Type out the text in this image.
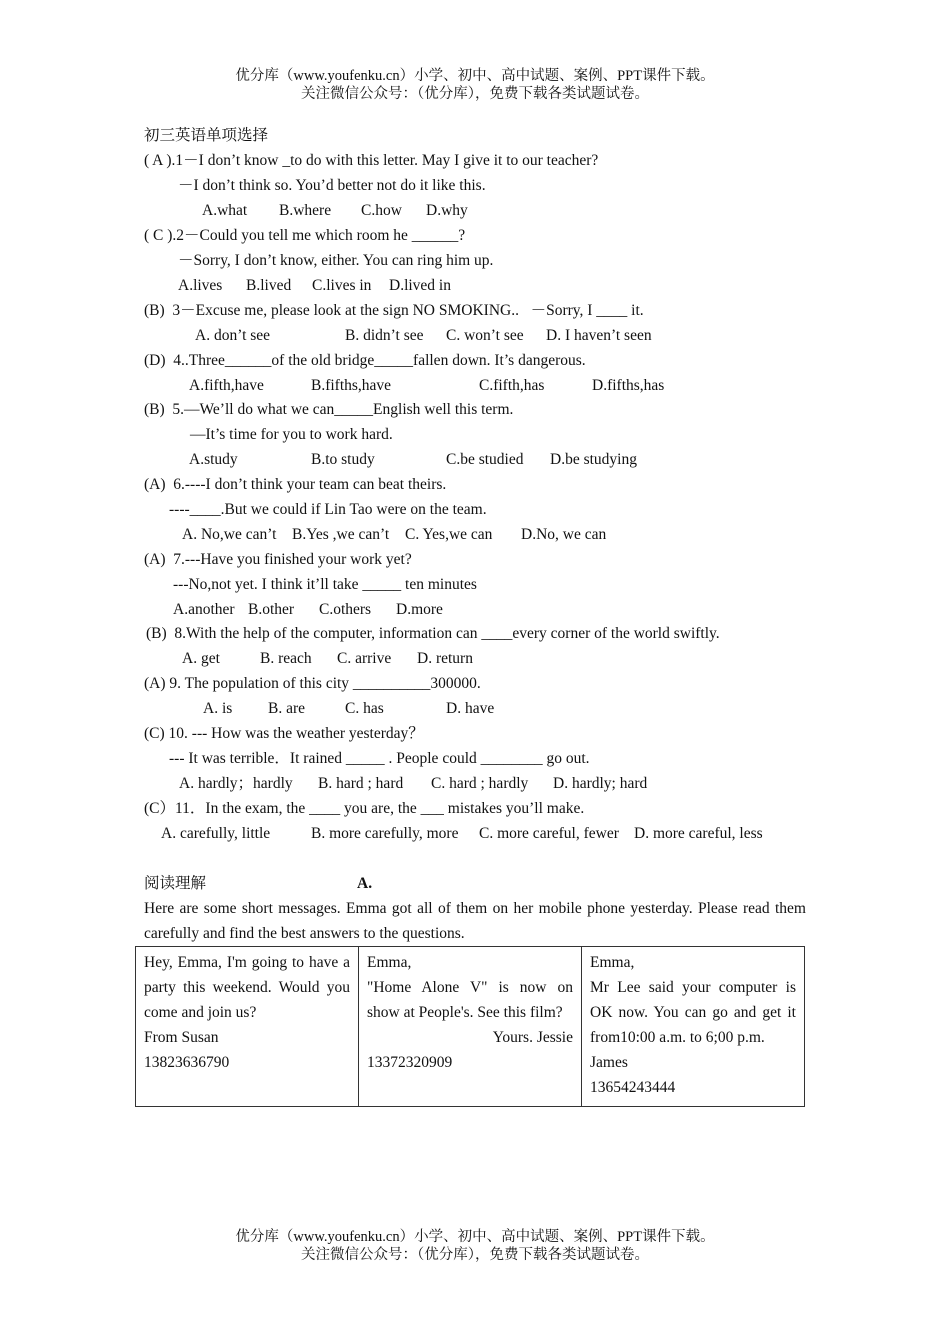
优分库（www.youfenku.cn）小学、初中、高中试题、案例、PPT课件下载。
关注微信公众号：（优分库），免费下载各类试题试卷。
初三英语单项选择
( A ).1－I don’t know _to do with this letter. May I give it to our teacher?
－I don’t think so. You’d better not do it like this.
A.what B.where C.how D.why
( C ).2－Could you tell me which room he ______?
－Sorry, I don’t know, either. You can ring him up.
A.lives B.lived C.lives in D.lived in
(B)  3－Excuse me, please look at the sign NO SMOKING..   －Sorry, I ____ it.
A. don’t see	B. didn’t see C. won’t see D. I haven’t seen
(D)  4..Three______of the old bridge_____fallen down. It’s dangerous.
A.fifth,have	B.fifths,have	C.fifth,has	D.fifths,has
(B)  5.—We’ll do what we can_____English well this term.
—It’s time for you to work hard.
A.study	B.to study	C.be studied D.be studying
(A)  6.----I don’t think your team can beat theirs.
----____.But we could if Lin Tao were on the team.
A. No,we can’t B.Yes ,we can’t C. Yes,we can D.No, we can
(A)  7.---Have you finished your work yet?
---No,not yet. I think it’ll take _____ ten minutes
A.another B.other C.others D.more
(B)  8.With the help of the computer, information can ____every corner of the world swiftly.
A. get	B. reach C. arrive D. return
(A) 9. The population of this city __________300000.
A. is B. are	C. has	D. have
(C) 10. --- How was the weather yesterday？
--- It was terrible．It rained _____ . People could ________ go out.
A. hardly；hardly B. hard ; hard C. hard ; hardly D. hardly; hard
(C）11．In the exam, the ____ you are, the ___ mistakes you’ll make.
A. carefully, little	B. more carefully, more C. more careful, fewer D. more careful, less
阅读理解	A.
Here are some short messages. Emma got all of them on her mobile phone yesterday. Please read them carefully and find the best answers to the questions.
Hey, Emma, I'm going to have a party this weekend. Would you come and join us?
From Susan
13823636790

Emma,
"Home Alone V" is now on show at People's. See this film?
Yours. Jessie
13372320909

Emma,
Mr Lee said your computer is OK now. You can go and get it from10:00 a.m. to 6;00 p.m.
James
13654243444
优分库（www.youfenku.cn）小学、初中、高中试题、案例、PPT课件下载。
关注微信公众号：（优分库），免费下载各类试题试卷。
